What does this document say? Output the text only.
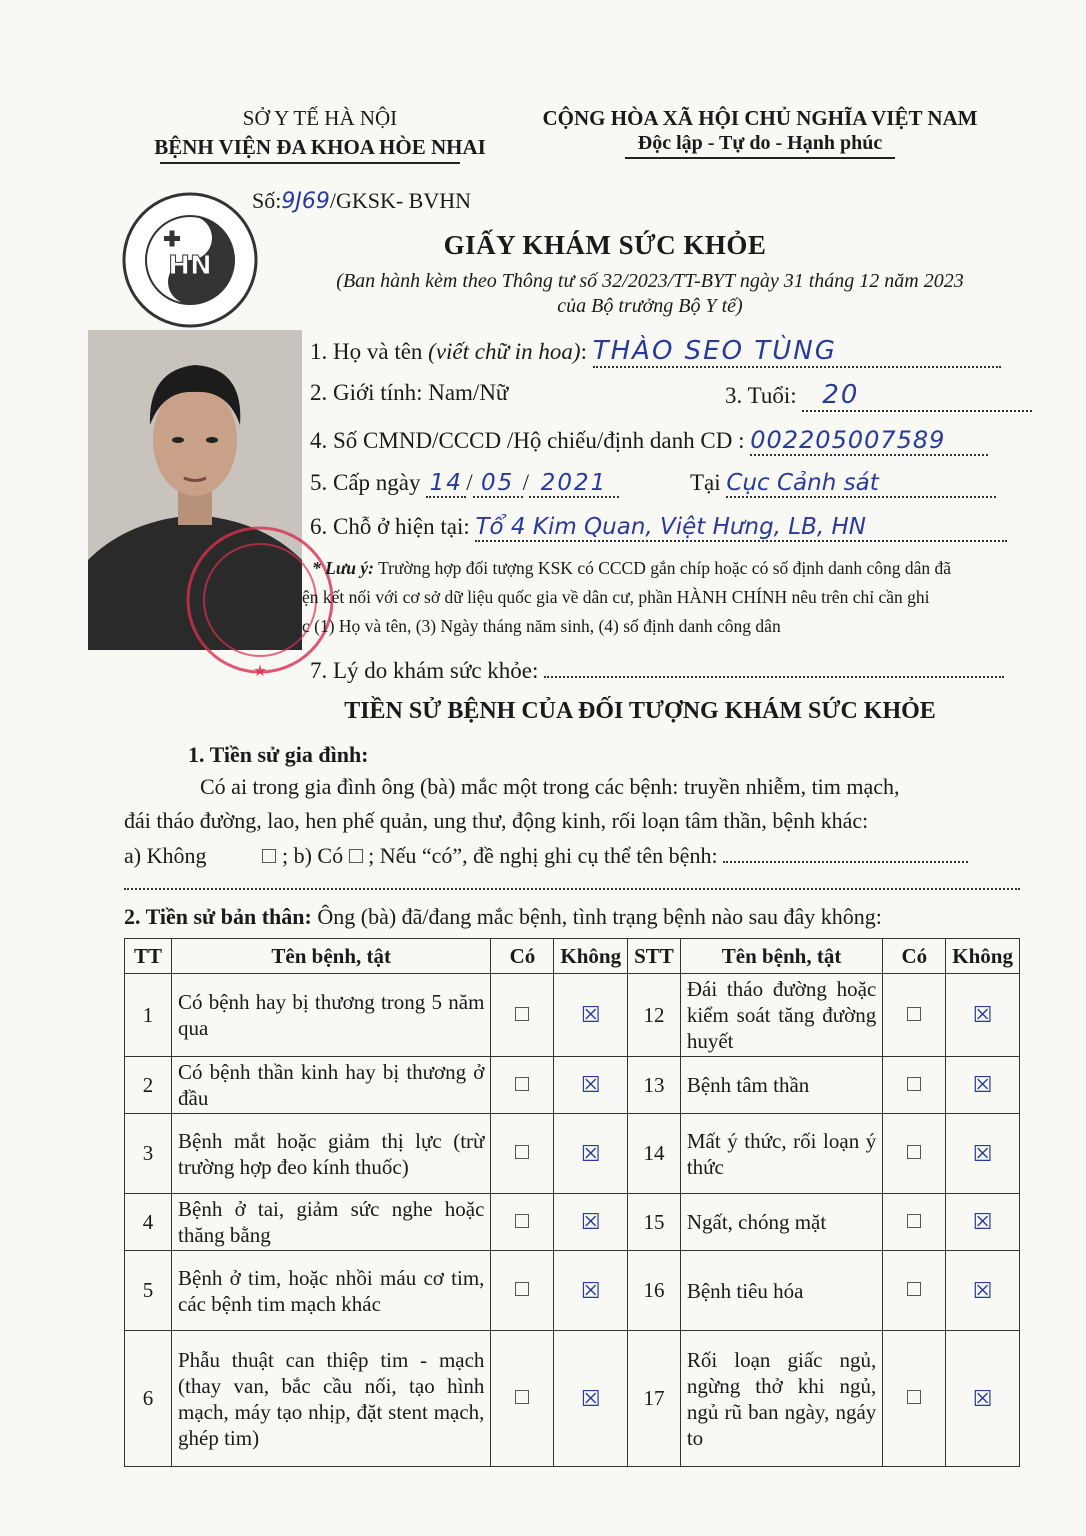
SỞ Y TẾ HÀ NỘI
BỆNH VIỆN ĐA KHOA HÒE NHAI
Số:9J69/GKSK- BVHN
CỘNG HÒA XÃ HỘI CHỦ NGHĨA VIỆT NAM
Độc lập - Tự do - Hạnh phúc
HN
GIẤY KHÁM SỨC KHỎE
(Ban hành kèm theo Thông tư số 32/2023/TT-BYT ngày 31 tháng 12 năm 2023
của Bộ trưởng Bộ Y tế)
★
1. Họ và tên (viết chữ in hoa): THÀO SEO TÙNG
2. Giới tính: Nam/Nữ	3. Tuổi: 20
4. Số CMND/CCCD /Hộ chiếu/định danh CD : 002205007589
5. Cấp ngày 14 / 05 / 2021	Tại Cục Cảnh sát
6. Chỗ ở hiện tại: Tổ 4 Kim Quan, Việt Hưng, LB, HN
* Lưu ý: Trường hợp đối tượng KSK có CCCD gắn chíp hoặc có số định danh công dân đã
ện kết nối với cơ sở dữ liệu quốc gia về dân cư, phần HÀNH CHÍNH nêu trên chỉ cần ghi
c (1) Họ và tên, (3) Ngày tháng năm sinh, (4) số định danh công dân
7. Lý do khám sức khỏe:
TIỀN SỬ BỆNH CỦA ĐỐI TƯỢNG KHÁM SỨC KHỎE
1. Tiền sử gia đình:
Có ai trong gia đình ông (bà) mắc một trong các bệnh: truyền nhiễm, tim mạch,
đái tháo đường, lao, hen phế quản, ung thư, động kinh, rối loạn tâm thần, bệnh khác:
a) Không	; b) Có ; Nếu “có”, đề nghị ghi cụ thể tên bệnh:
2. Tiền sử bản thân: Ông (bà) đã/đang mắc bệnh, tình trạng bệnh nào sau đây không:
TT	Tên bệnh, tật	Có	Không	STT	Tên bệnh, tật	Có	Không
1	Có bệnh hay bị thương trong 5 năm qua		☒	12	Đái tháo đường hoặc kiểm soát tăng đường huyết		☒
2	Có bệnh thần kinh hay bị thương ở đầu		☒	13	Bệnh tâm thần		☒
3	Bệnh mắt hoặc giảm thị lực (trừ trường hợp đeo kính thuốc)		☒	14	Mất ý thức, rối loạn ý thức		☒
4	Bệnh ở tai, giảm sức nghe hoặc thăng bằng		☒	15	Ngất, chóng mặt		☒
5	Bệnh ở tim, hoặc nhồi máu cơ tim, các bệnh tim mạch khác		☒	16	Bệnh tiêu hóa		☒
6	Phẫu thuật can thiệp tim - mạch (thay van, bắc cầu nối, tạo hình mạch, máy tạo nhịp, đặt stent mạch, ghép tim)		☒	17	Rối loạn giấc ngủ, ngừng thở khi ngủ, ngủ rũ ban ngày, ngáy to		☒
